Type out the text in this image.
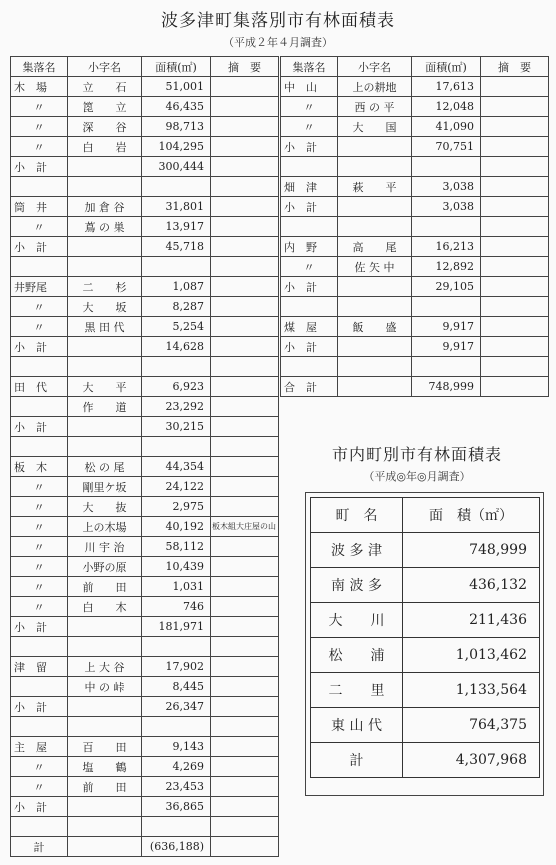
波多津町集落別市有林面積表
（平成２年４月調査）
集落名	小字名	面積(㎡)	摘　要
木　場	立　　石	51,001	
〃	箆　　立	46,435	
〃	深　　谷	98,713	
〃	白　　岩	104,295	
小　計		300,444	

筒　井	加 倉 谷	31,801	
〃	蔦 の 巣	13,917	
小　計		45,718	

井野尾	二　　杉	1,087	
〃	大　　坂	8,287	
〃	黒 田 代	5,254	
小　計		14,628	

田　代	大　　平	6,923	
	作　　道	23,292	
小　計		30,215	

板　木	松 の 尾	44,354	
〃	剛里ケ坂	24,122	
〃	大　　抜	2,975	
〃	上の木場	40,192	板木組大庄屋の山
〃	川 宇 治	58,112	
〃	小野の原	10,439	
〃	前　　田	1,031	
〃	白　　木	746	
小　計		181,971	

津　留	上 大 谷	17,902	
	中 の 峠	8,445	
小　計		26,347	

主　屋	百　　田	9,143	
〃	塩　　鶴	4,269	
〃	前　　田	23,453	
小　計		36,865	

計		(636,188)	
集落名	小字名	面積(㎡)	摘　要
中　山	上の耕地	17,613	
〃	西 の 平	12,048	
〃	大　　国	41,090	
小　計		70,751	

畑　津	萩　　平	3,038	
小　計		3,038	

内　野	高　　尾	16,213	
〃	佐 矢 中	12,892	
小　計		29,105	

煤　屋	飯　　盛	9,917	
小　計		9,917	

合　計		748,999	
市内町別市有林面積表
（平成◎年◎月調査）
町　名	面　積（㎡）
波 多 津	748,999
南 波 多	436,132
大　　川	211,436
松　　浦	1,013,462
二　　里	1,133,564
東 山 代	764,375
計	4,307,968
